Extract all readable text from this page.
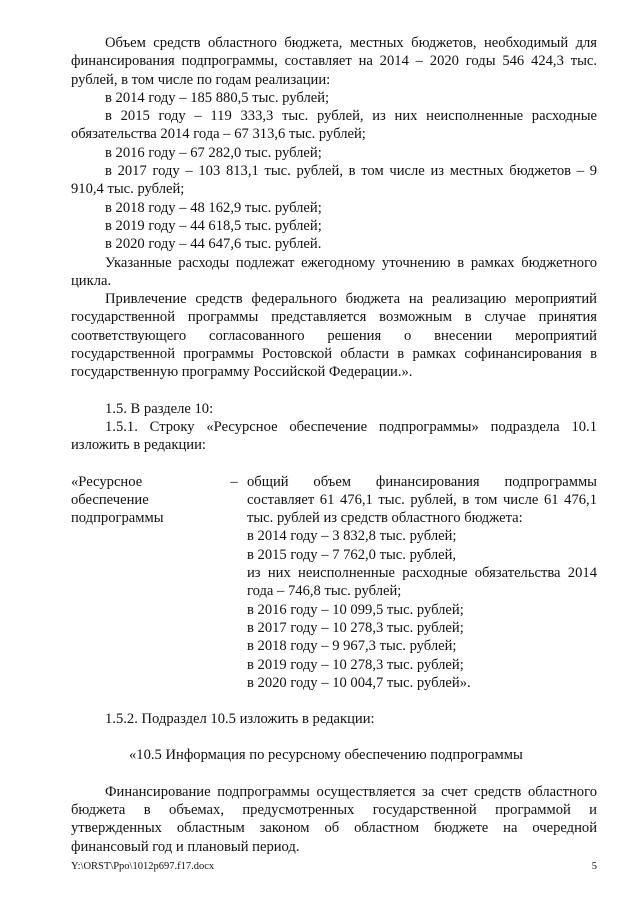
Объем средств областного бюджета, местных бюджетов, необходимый для финансирования подпрограммы, составляет на 2014 – 2020 годы 546 424,3 тыс. рублей, в том числе по годам реализации:

в 2014 году – 185 880,5 тыс. рублей;

в 2015 году – 119 333,3 тыс. рублей, из них неисполненные расходные обязательства 2014 года – 67 313,6 тыс. рублей;

в 2016 году – 67 282,0 тыс. рублей;

в 2017 году – 103 813,1 тыс. рублей, в том числе из местных бюджетов – 9 910,4 тыс. рублей;

в 2018 году – 48 162,9 тыс. рублей;

в 2019 году – 44 618,5 тыс. рублей;

в 2020 году – 44 647,6 тыс. рублей.

Указанные расходы подлежат ежегодному уточнению в рамках бюджетного цикла.

Привлечение средств федерального бюджета на реализацию мероприятий государственной программы представляется возможным в случае принятия соответствующего согласованного решения о внесении мероприятий государственной программы Ростовской области в рамках софинансирования в государственную программу Российской Федерации.».

1.5. В разделе 10:

1.5.1. Строку «Ресурсное обеспечение подпрограммы» подраздела 10.1 изложить в редакции:

«Ресурсное
обеспечение
подпрограммы
– общий объем финансирования подпрограммы составляет 61 476,1 тыс. рублей, в том числе 61 476,1 тыс. рублей из средств областного бюджета:

в 2014 году – 3 832,8 тыс. рублей;

в 2015 году – 7 762,0 тыс. рублей,

из них неисполненные расходные обязательства 2014 года – 746,8 тыс. рублей;

в 2016 году – 10 099,5 тыс. рублей;

в 2017 году – 10 278,3 тыс. рублей;

в 2018 году – 9 967,3 тыс. рублей;

в 2019 году – 10 278,3 тыс. рублей;

в 2020 году – 10 004,7 тыс. рублей».

1.5.2. Подраздел 10.5 изложить в редакции:

«10.5 Информация по ресурсному обеспечению подпрограммы

Финансирование подпрограммы осуществляется за счет средств областного бюджета в объемах, предусмотренных государственной программой и утвержденных областным законом об областном бюджете на очередной финансовый год и плановый период.

Y:\ORST\Ppo\1012p697.f17.docx	5
